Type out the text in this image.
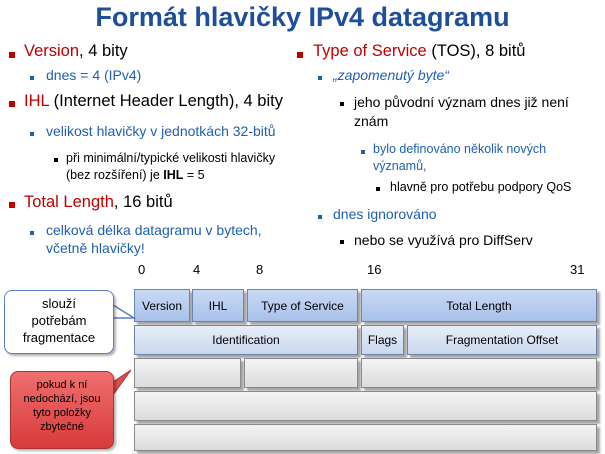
Formát hlavičky IPv4 datagramu
Version, 4 bity
dnes = 4 (IPv4)
IHL (Internet Header Length), 4 bity
velikost hlavičky v jednotkách 32-bitů
při minimální/typické velikosti hlavičky
(bez rozšíření) je IHL = 5
Total Length, 16 bitů
celková délka datagramu v bytech,
včetně hlavičky!
Type of Service (TOS), 8 bitů
„zapomenutý byte“
jeho původní význam dnes již není
znám
bylo definováno několik nových
významů,
hlavně pro potřebu podpory QoS
dnes ignorováno
nebo se využívá pro DiffServ
0	4	8	16	31
Version	IHL	Type of Service	Total Length
Identification	Flags	Fragmentation Offset
slouží
potřebám
fragmentace
pokud k ní
nedochází, jsou
tyto položky
zbytečné
